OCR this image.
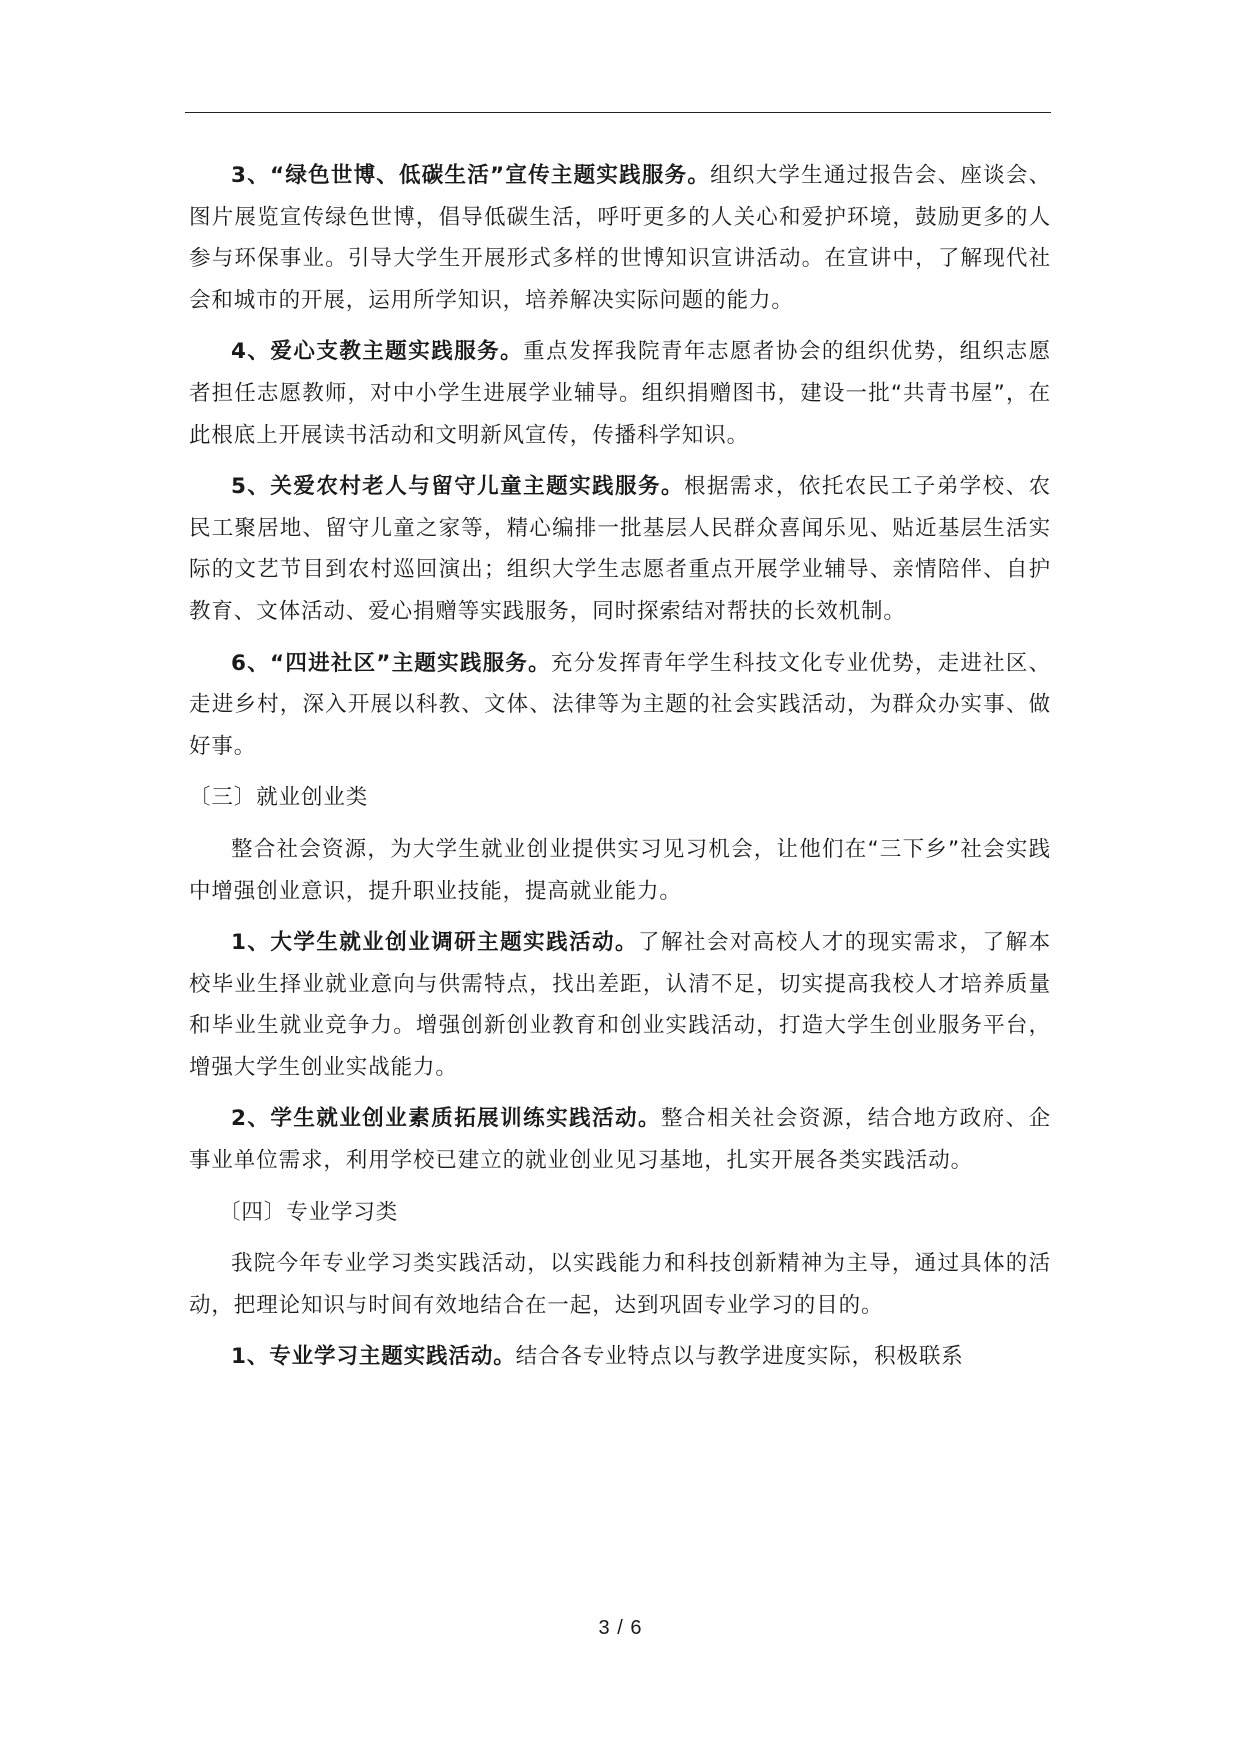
3、“绿色世博、低碳生活”宣传主题实践服务。组织大学生通过报告会、座谈会、图片展览宣传绿色世博，倡导低碳生活，呼吁更多的人关心和爱护环境，鼓励更多的人参与环保事业。引导大学生开展形式多样的世博知识宣讲活动。在宣讲中，了解现代社会和城市的开展，运用所学知识，培养解决实际问题的能力。

4、爱心支教主题实践服务。重点发挥我院青年志愿者协会的组织优势，组织志愿者担任志愿教师，对中小学生进展学业辅导。组织捐赠图书，建设一批“共青书屋”，在此根底上开展读书活动和文明新风宣传，传播科学知识。

5、关爱农村老人与留守儿童主题实践服务。根据需求，依托农民工子弟学校、农民工聚居地、留守儿童之家等，精心编排一批基层人民群众喜闻乐见、贴近基层生活实际的文艺节目到农村巡回演出；组织大学生志愿者重点开展学业辅导、亲情陪伴、自护教育、文体活动、爱心捐赠等实践服务，同时探索结对帮扶的长效机制。

6、“四进社区”主题实践服务。充分发挥青年学生科技文化专业优势，走进社区、走进乡村，深入开展以科教、文体、法律等为主题的社会实践活动，为群众办实事、做好事。

〔三〕就业创业类

整合社会资源，为大学生就业创业提供实习见习机会，让他们在“三下乡”社会实践中增强创业意识，提升职业技能，提高就业能力。

1、大学生就业创业调研主题实践活动。了解社会对高校人才的现实需求，了解本校毕业生择业就业意向与供需特点，找出差距，认清不足，切实提高我校人才培养质量和毕业生就业竞争力。增强创新创业教育和创业实践活动，打造大学生创业服务平台，增强大学生创业实战能力。

2、学生就业创业素质拓展训练实践活动。整合相关社会资源，结合地方政府、企事业单位需求，利用学校已建立的就业创业见习基地，扎实开展各类实践活动。

〔四〕专业学习类

我院今年专业学习类实践活动，以实践能力和科技创新精神为主导，通过具体的活动，把理论知识与时间有效地结合在一起，达到巩固专业学习的目的。

1、专业学习主题实践活动。结合各专业特点以与教学进度实际，积极联系

3 / 6
